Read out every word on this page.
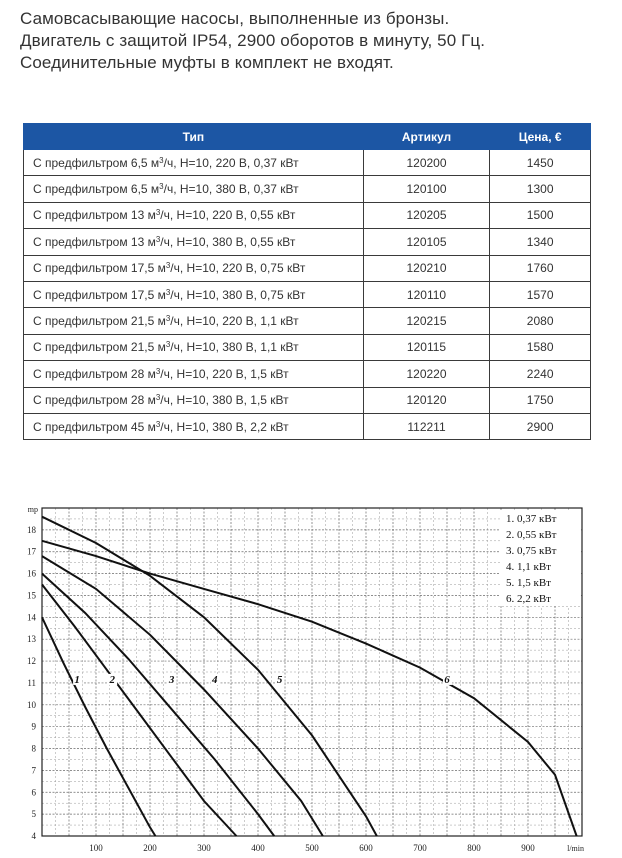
Самовсасывающие насосы, выполненные из бронзы.

Двигатель с защитой IP54, 2900 оборотов в минуту, 50 Гц.

Соединительные муфты в комплект не входят.

Тип	Артикул	Цена, €
С предфильтром 6,5 $м^3/ч$, H=10, 220 В, 0,37 кВт	120200	1450
С предфильтром 6,5 $м^3/ч$, H=10, 380 В, 0,37 кВт	120100	1300
С предфильтром 13 $м^3/ч$, H=10, 220 В, 0,55 кВт	120205	1500
С предфильтром 13 $м^3/ч$, H=10, 380 В, 0,55 кВт	120105	1340
С предфильтром 17,5 $м^3/ч$, H=10, 220 В, 0,75 кВт	120210	1760
С предфильтром 17,5 $м^3/ч$, H=10, 380 В, 0,75 кВт	120110	1570
С предфильтром 21,5 $м^3/ч$, H=10, 220 В, 1,1 кВт	120215	2080
С предфильтром 21,5 $м^3/ч$, H=10, 380 В, 1,1 кВт	120115	1580
С предфильтром 28 $м^3/ч$, H=10, 220 В, 1,5 кВт	120220	2240
С предфильтром 28 $м^3/ч$, H=10, 380 В, 1,5 кВт	120120	1750
С предфильтром 45 $м^3/ч$, H=10, 380 В, 2,2 кВт	112211	2900
100	200	300	400	500	600	700	800	900
4
5
6
7
8
9
10
11
12
13
14
15
16
17
18
mp
l/min
1	2	3	4	5	6
1. 0,37 кВт
2. 0,55 кВт
3. 0,75 кВт
4. 1,1 кВт
5. 1,5 кВт
6. 2,2 кВт
